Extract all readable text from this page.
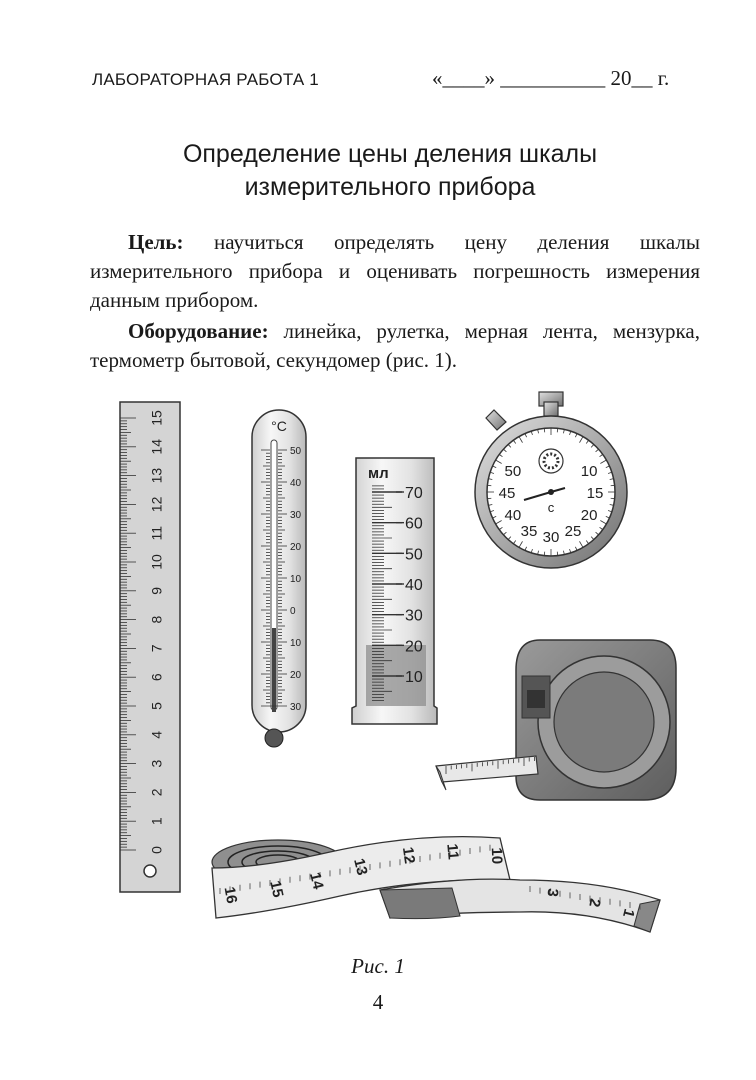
ЛАБОРАТОРНАЯ РАБОТА 1	«____» __________ 20__ г.
Определение цены деления шкалы
измерительного прибора
Цель: научиться определять цену деления шкалы измерительного прибора и оценивать погрешность измерения данным прибором.
Оборудование: линейка, рулетка, мерная лента, мензурка, термометр бытовой, секундомер (рис. 1).
0
1
2
3
4
5
6
7
8
9
10
11
12
13
14
15	°C
50
40
30
20
10
0
10
20
30
мл
10
20
30
40
50
60
70
50	10
45	15
40	20
35 30 25
с
16 15 14
13
12 11 10
3
2
1
Рис. 1
4
